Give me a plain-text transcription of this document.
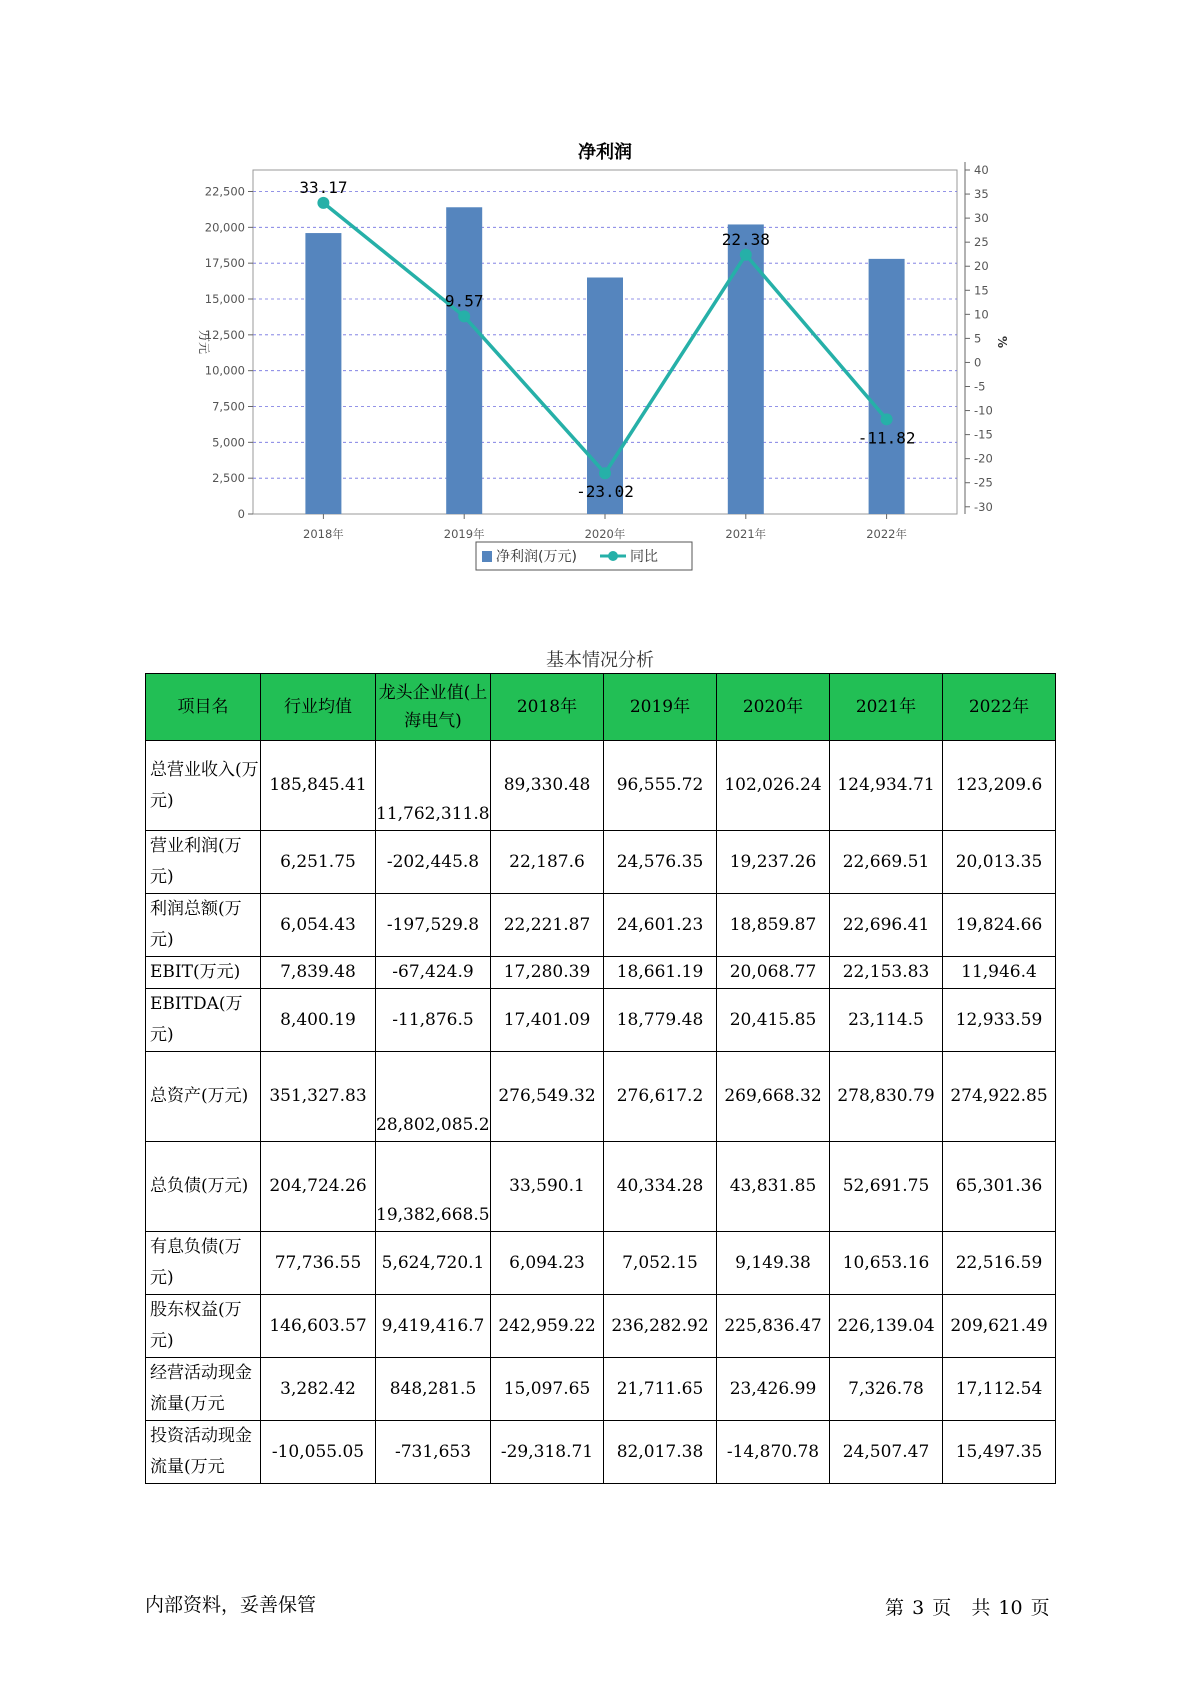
净利润
0
2,500
5,000
7,500
10,000
12,500
15,000
17,500
20,000
22,500
40
35
30
25
20
15
10
5
0
-5
-10
-15
-20
-25
-30
万元	%
2018年	2019年	2020年	2021年	2022年
33.17
9.57
-23.02
22.38
-11.82
净利润(万元)	同比
基本情况分析
项目名	行业均值	龙头企业值(上海电气)	2018年	2019年	2020年	2021年	2022年
总营业收入(万元)	185,845.41	11,762,311.8	89,330.48	96,555.72	102,026.24	124,934.71	123,209.6
营业利润(万元)	6,251.75	-202,445.8	22,187.6	24,576.35	19,237.26	22,669.51	20,013.35
利润总额(万元)	6,054.43	-197,529.8	22,221.87	24,601.23	18,859.87	22,696.41	19,824.66
EBIT(万元)	7,839.48	-67,424.9	17,280.39	18,661.19	20,068.77	22,153.83	11,946.4
EBITDA(万元)	8,400.19	-11,876.5	17,401.09	18,779.48	20,415.85	23,114.5	12,933.59
总资产(万元)	351,327.83	28,802,085.2	276,549.32	276,617.2	269,668.32	278,830.79	274,922.85
总负债(万元)	204,724.26	19,382,668.5	33,590.1	40,334.28	43,831.85	52,691.75	65,301.36
有息负债(万元)	77,736.55	5,624,720.1	6,094.23	7,052.15	9,149.38	10,653.16	22,516.59
股东权益(万元)	146,603.57	9,419,416.7	242,959.22	236,282.92	225,836.47	226,139.04	209,621.49
经营活动现金流量(万元	3,282.42	848,281.5	15,097.65	21,711.65	23,426.99	7,326.78	17,112.54
投资活动现金流量(万元	-10,055.05	-731,653	-29,318.71	82,017.38	-14,870.78	24,507.47	15,497.35
内部资料，妥善保管	第 3 页 共 10 页
